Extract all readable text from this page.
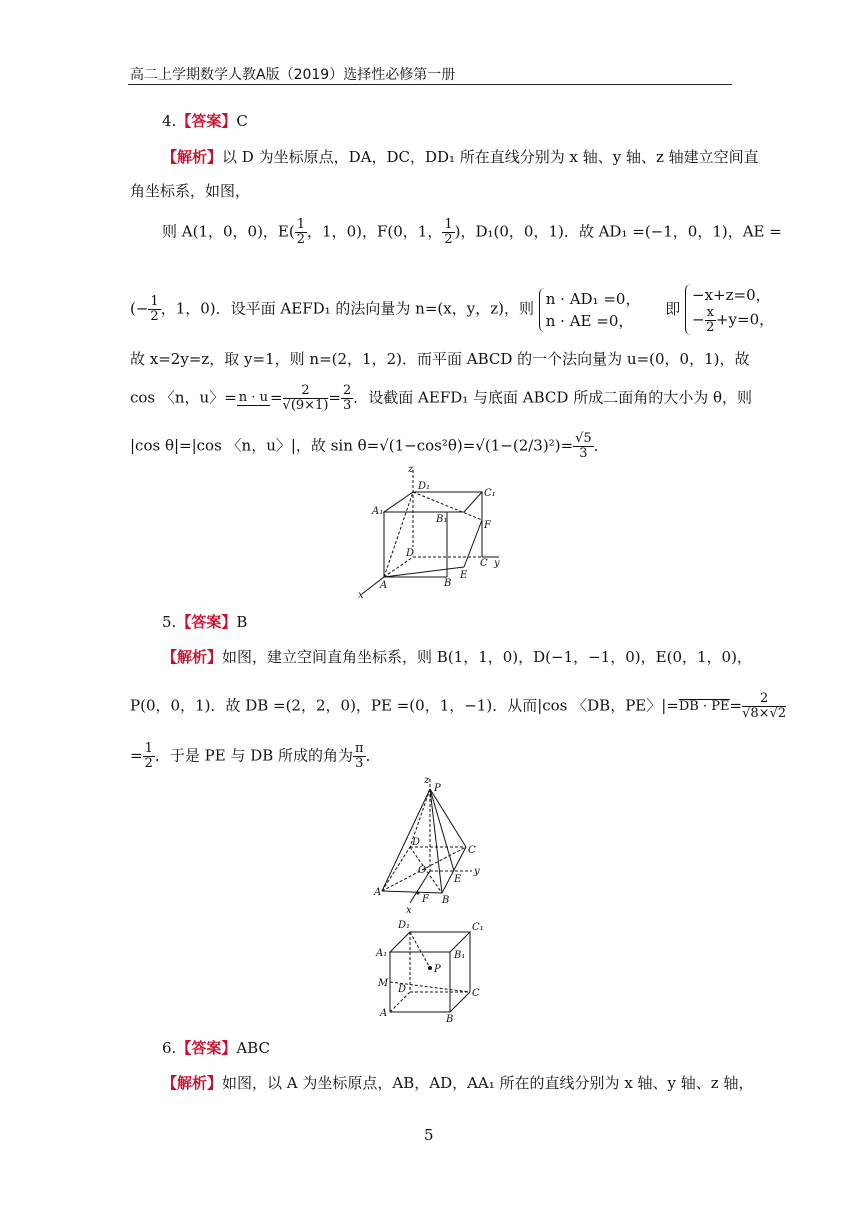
高二上学期数学人教A版（2019）选择性必修第一册
4.【答案】C
【解析】以 D 为坐标原点，DA，DC，DD₁ 所在直线分别为 x 轴、y 轴、z 轴建立空间直
角坐标系，如图，
则 A(1，0，0)，$E( \frac{1}{2}$ ，1，0)，F(0，1， $\frac{1}{2}$ )，D₁(0，0，1)．故 AD₁ =(−1，0，1)，AE =
(− $\frac{1}{2}$ ，1，0)．设平面 AEFD₁ 的法向量为 n=(x，y，z)，则
n · AD₁ =0，
n · AE =0，
即
−x+z=0，
− $\frac{x}{2} +y=0$，
故 x=2y=z，取 y=1，则 n=(2，1，2)．而平面 ABCD 的一个法向量为 u=(0，0，1)，故
cos 〈n，u〉= $n \cdot u = \frac{2}{√(9\times 1)} = \frac{2}{3}$ ．设截面 AEFD₁ 与底面 ABCD 所成二面角的大小为 θ，则
|cos θ|=|cos 〈n，u〉|，故 $\sin \theta=√(1-\cos^2\theta)=√(1-(2/3)^2)= \frac{√5}{3}$ ．
z
D₁
C₁
A₁
B₁
F
D
C y
A
E
B
x
5.【答案】B
【解析】如图，建立空间直角坐标系，则 B(1，1，0)，D(−1，−1，0)，E(0，1，0)，
P(0，0，1)．故 DB =(2，2，0)，PE =(0，1，−1)．从而|cos 〈DB，PE〉|= DB · PE = $\frac{2}{√8\times√2}$
= $\frac{1}{2}$ ．于是 PE 与 DB 所成的角为 $\frac{\pi}{3}$ ．
z
P
D
C
O
E
y
A
F B
x
D₁	C₁
A₁	B₁
P
M
D	C
A
B
6.【答案】ABC
【解析】如图，以 A 为坐标原点，AB，AD，AA₁ 所在的直线分别为 x 轴、y 轴、z 轴，
5
